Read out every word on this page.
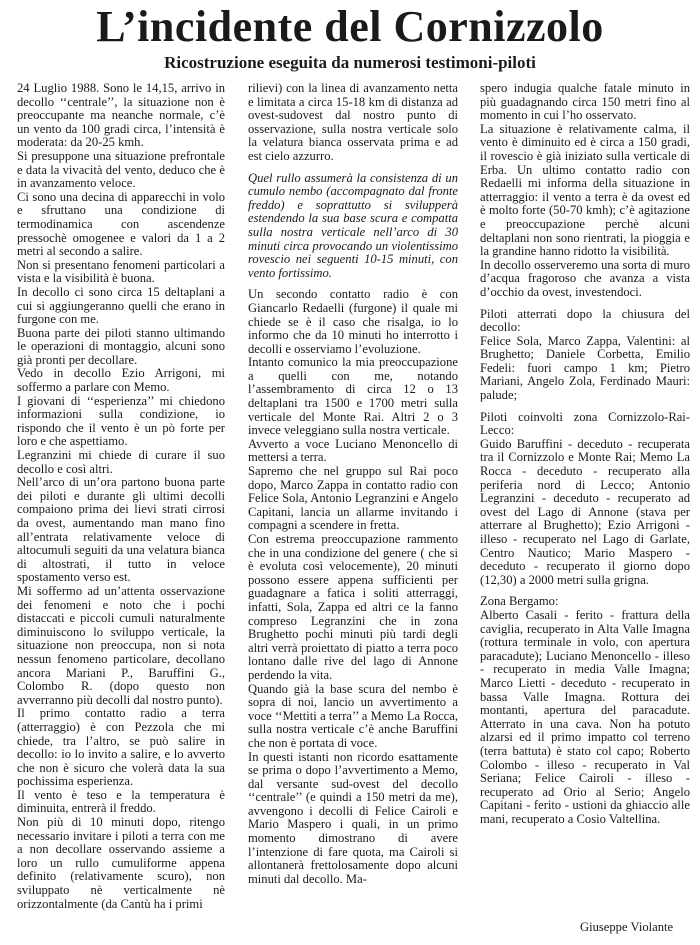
L’incidente del Cornizzolo
Ricostruzione eseguita da numerosi testimoni-piloti

24 Luglio 1988. Sono le 14,15, arrivo in decollo ‘‘centrale’’, la situazione non è preoccupante ma neanche normale, c’è un vento da 100 gradi circa, l’intensità è moderata: da 20-25 kmh.

Si presuppone una situazione prefrontale e data la vivacità del vento, deduco che è in avanzamento veloce.

Ci sono una decina di apparecchi in volo e sfruttano una condizione di termodinamica con ascendenze pressochè omogenee e valori da 1 a 2 metri al secondo a salire.

Non si presentano fenomeni particolari a vista e la visibilità è buona.

In decollo ci sono circa 15 deltaplani a cui si aggiungeranno quelli che erano in furgone con me.

Buona parte dei piloti stanno ultimando le operazioni di montaggio, alcuni sono già pronti per decollare.

Vedo in decollo Ezio Arrigoni, mi soffermo a parlare con Memo.

I giovani di ‘‘esperienza’’ mi chiedono informazioni sulla condizione, io rispondo che il vento è un pò forte per loro e che aspettiamo.

Legranzini mi chiede di curare il suo decollo e così altri.

Nell’arco di un’ora partono buona parte dei piloti e durante gli ultimi decolli compaiono prima dei lievi strati cirrosi da ovest, aumentando man mano fino all’entrata relativamente veloce di altocumuli seguiti da una velatura bianca di altostrati, il tutto in veloce spostamento verso est.

Mi soffermo ad un’attenta osservazione dei fenomeni e noto che i pochi distaccati e piccoli cumuli naturalmente diminuiscono lo sviluppo verticale, la situazione non preoccupa, non si nota nessun fenomeno particolare, decollano ancora Mariani P., Baruffini G., Colombo R. (dopo questo non avverranno più decolli dal nostro punto).

Il primo contatto radio a terra (atterraggio) è con Pezzola che mi chiede, tra l’altro, se può salire in decollo: io lo invito a salire, e lo avverto che non è sicuro che volerà data la sua pochissima esperienza.

Il vento è teso e la temperatura è diminuita, entrerà il freddo.

Non più di 10 minuti dopo, ritengo necessario invitare i piloti a terra con me a non decollare osservando assieme a loro un rullo cumuliforme appena definito (relativamente scuro), non sviluppato nè verticalmente nè orizzontalmente (da Cantù ha i primi

rilievi) con la linea di avanzamento netta e limitata a circa 15-18 km di distanza ad ovest-sudovest dal nostro punto di osservazione, sulla nostra verticale solo la velatura bianca osservata prima e ad est cielo azzurro.

Quel rullo assumerà la consistenza di un cumulo nembo (accompagnato dal fronte freddo) e soprattutto si svilupperà estendendo la sua base scura e compatta sulla nostra verticale nell’arco di 30 minuti circa provocando un violentissimo rovescio nei seguenti 10-15 minuti, con vento fortissimo.

Un secondo contatto radio è con Giancarlo Redaelli (furgone) il quale mi chiede se è il caso che risalga, io lo informo che da 10 minuti ho interrotto i decolli e osserviamo l’evoluzione.

Intanto comunico la mia preoccupazione a quelli con me, notando l’assembramento di circa 12 o 13 deltaplani tra 1500 e 1700 metri sulla verticale del Monte Rai. Altri 2 o 3 invece veleggiano sulla nostra verticale.

Avverto a voce Luciano Menoncello di mettersi a terra.

Sapremo che nel gruppo sul Rai poco dopo, Marco Zappa in contatto radio con Felice Sola, Antonio Legranzini e Angelo Capitani, lancia un allarme invitando i compagni a scendere in fretta.

Con estrema preoccupazione rammento che in una condizione del genere ( che si è evoluta così velocemente), 20 minuti possono essere appena sufficienti per guadagnare a fatica i soliti atterraggi, infatti, Sola, Zappa ed altri ce la fanno compreso Legranzini che in zona Brughetto pochi minuti più tardi degli altri verrà proiettato di piatto a terra poco lontano dalle rive del lago di Annone perdendo la vita.

Quando già la base scura del nembo è sopra di noi, lancio un avvertimento a voce ‘‘Mettiti a terra’’ a Memo La Rocca, sulla nostra verticale c’è anche Baruffini che non è portata di voce.

In questi istanti non ricordo esattamente se prima o dopo l’avvertimento a Memo, dal versante sud-ovest del decollo ‘‘centrale’’ (e quindi a 150 metri da me), avvengono i decolli di Felice Cairoli e Mario Maspero i quali, in un primo momento dimostrano di avere l’intenzione di fare quota, ma Cairoli si allontanerà frettolosamente dopo alcuni minuti dal decollo. Ma-

spero indugia qualche fatale minuto in più guadagnando circa 150 metri fino al momento in cui l’ho osservato.

La situazione è relativamente calma, il vento è diminuito ed è circa a 150 gradi, il rovescio è già iniziato sulla verticale di Erba. Un ultimo contatto radio con Redaelli mi informa della situazione in atterraggio: il vento a terra è da ovest ed è molto forte (50-70 kmh); c’è agitazione e preoccupazione perchè alcuni deltaplani non sono rientrati, la pioggia e la grandine hanno ridotto la visibilità.

In decollo osserveremo una sorta di muro d’acqua fragoroso che avanza a vista d’occhio da ovest, investendoci.

Piloti atterrati dopo la chiusura del decollo:

Felice Sola, Marco Zappa, Valentini: al Brughetto; Daniele Corbetta, Emilio Fedeli: fuori campo 1 km; Pietro Mariani, Angelo Zola, Ferdinado Mauri: palude;

Piloti coinvolti zona Cornizzolo-Rai-Lecco:

Guido Baruffini - deceduto - recuperata tra il Cornizzolo e Monte Rai; Memo La Rocca - deceduto - recuperato alla periferia nord di Lecco; Antonio Legranzini - deceduto - recuperato ad ovest del Lago di Annone (stava per atterrare al Brughetto); Ezio Arrigoni - illeso - recuperato nel Lago di Garlate, Centro Nautico; Mario Maspero - deceduto - recuperato il giorno dopo (12,30) a 2000 metri sulla grigna.

Zona Bergamo:

Alberto Casali - ferito - frattura della caviglia, recuperato in Alta Valle Imagna (rottura terminale in volo, con apertura paracadute); Luciano Menoncello - illeso - recuperato in media Valle Imagna; Marco Lietti - deceduto - recuperato in bassa Valle Imagna. Rottura dei montanti, apertura del paracadute. Atterrato in una cava. Non ha potuto alzarsi ed il primo impatto col terreno (terra battuta) è stato col capo; Roberto Colombo - illeso - recuperato in Val Seriana; Felice Cairoli - illeso - recuperato ad Orio al Serio; Angelo Capitani - ferito - ustioni da ghiaccio alle mani, recuperato a Cosio Valtellina.

Giuseppe Violante
